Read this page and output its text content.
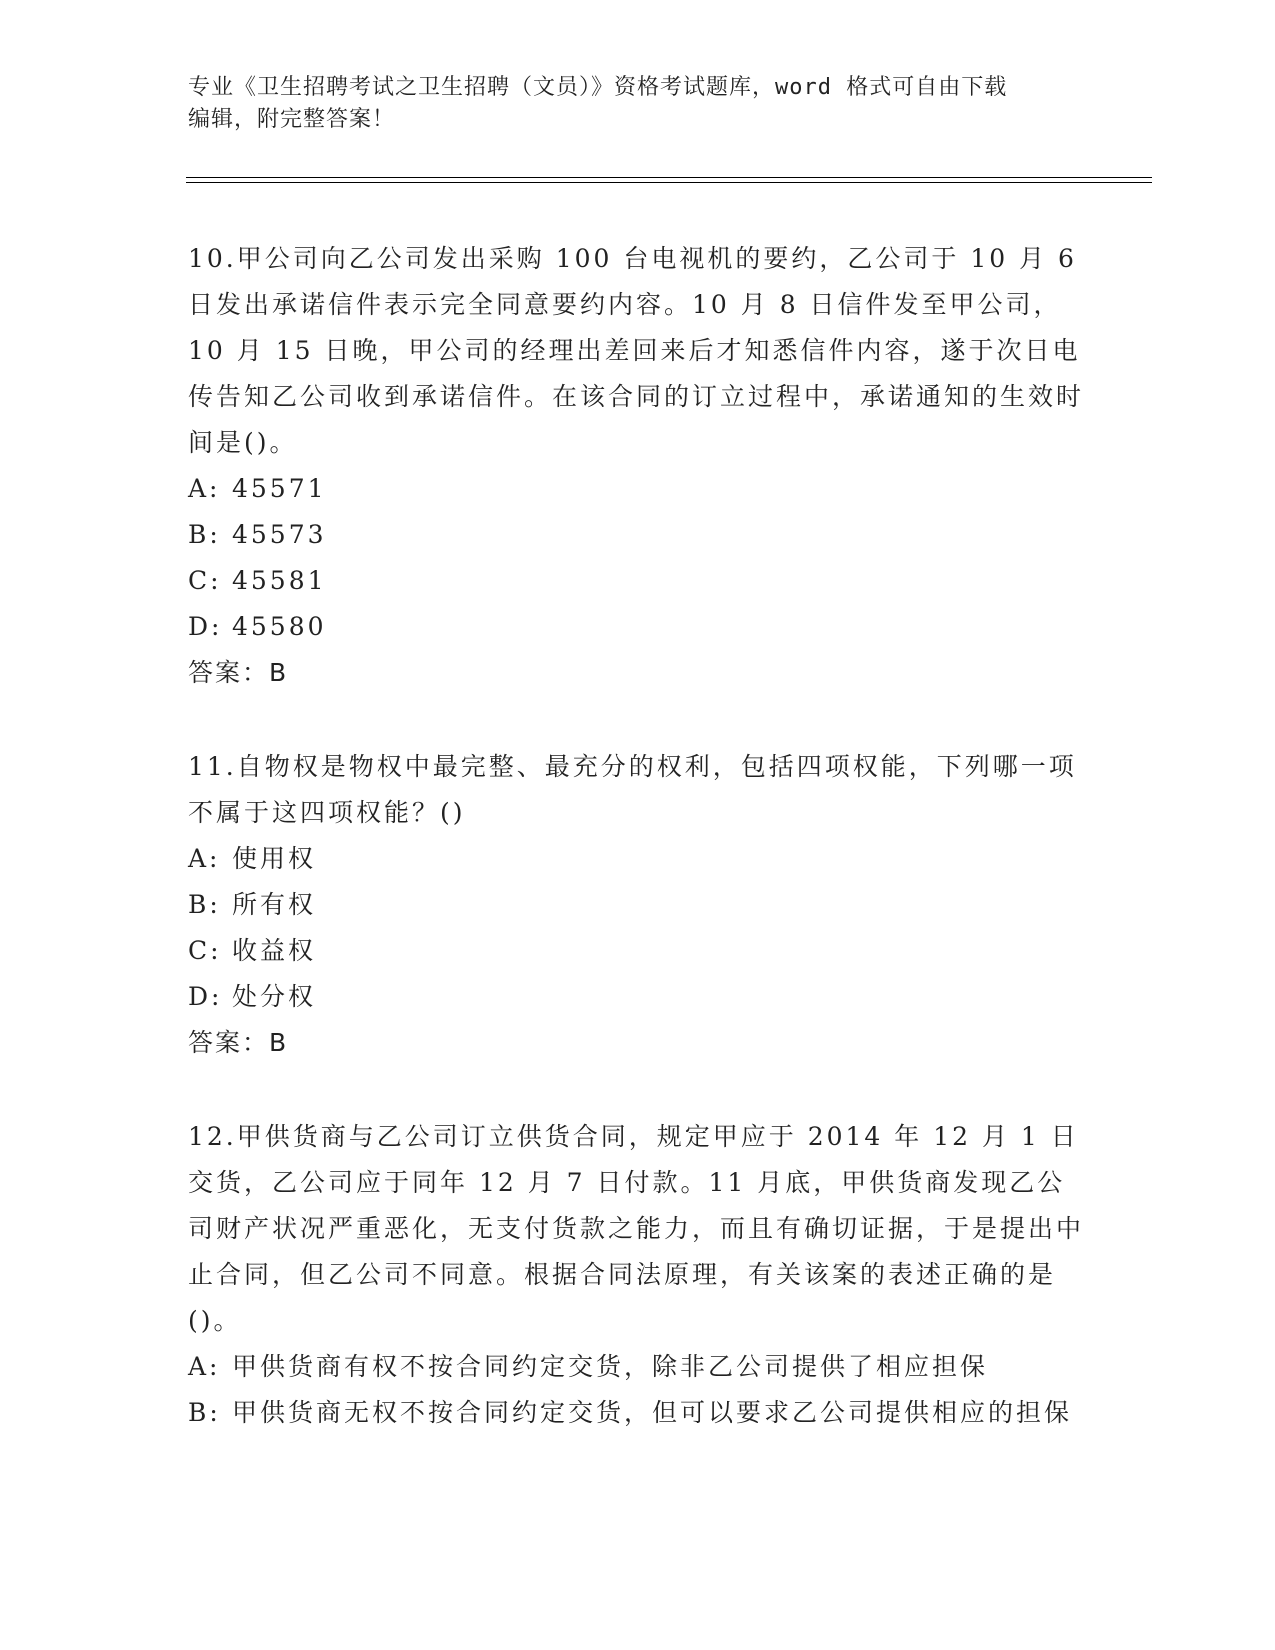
专业《卫生招聘考试之卫生招聘（文员）》资格考试题库，word 格式可自由下载
编辑，附完整答案！

10.甲公司向乙公司发出采购 100 台电视机的要约，乙公司于 10 月 6 日发出承诺信件表示完全同意要约内容。10 月 8 日信件发至甲公司，10 月 15 日晚，甲公司的经理出差回来后才知悉信件内容，遂于次日电传告知乙公司收到承诺信件。在该合同的订立过程中，承诺通知的生效时间是()。

A: 45571

B: 45573

C: 45581

D: 45580

答案：B

11.自物权是物权中最完整、最充分的权利，包括四项权能，下列哪一项不属于这四项权能？()

A: 使用权

B: 所有权

C: 收益权

D: 处分权

答案：B

12.甲供货商与乙公司订立供货合同，规定甲应于 2014 年 12 月 1 日交货，乙公司应于同年 12 月 7 日付款。11 月底，甲供货商发现乙公司财产状况严重恶化，无支付货款之能力，而且有确切证据，于是提出中止合同，但乙公司不同意。根据合同法原理，有关该案的表述正确的是()。

A: 甲供货商有权不按合同约定交货，除非乙公司提供了相应担保

B: 甲供货商无权不按合同约定交货，但可以要求乙公司提供相应的担保
